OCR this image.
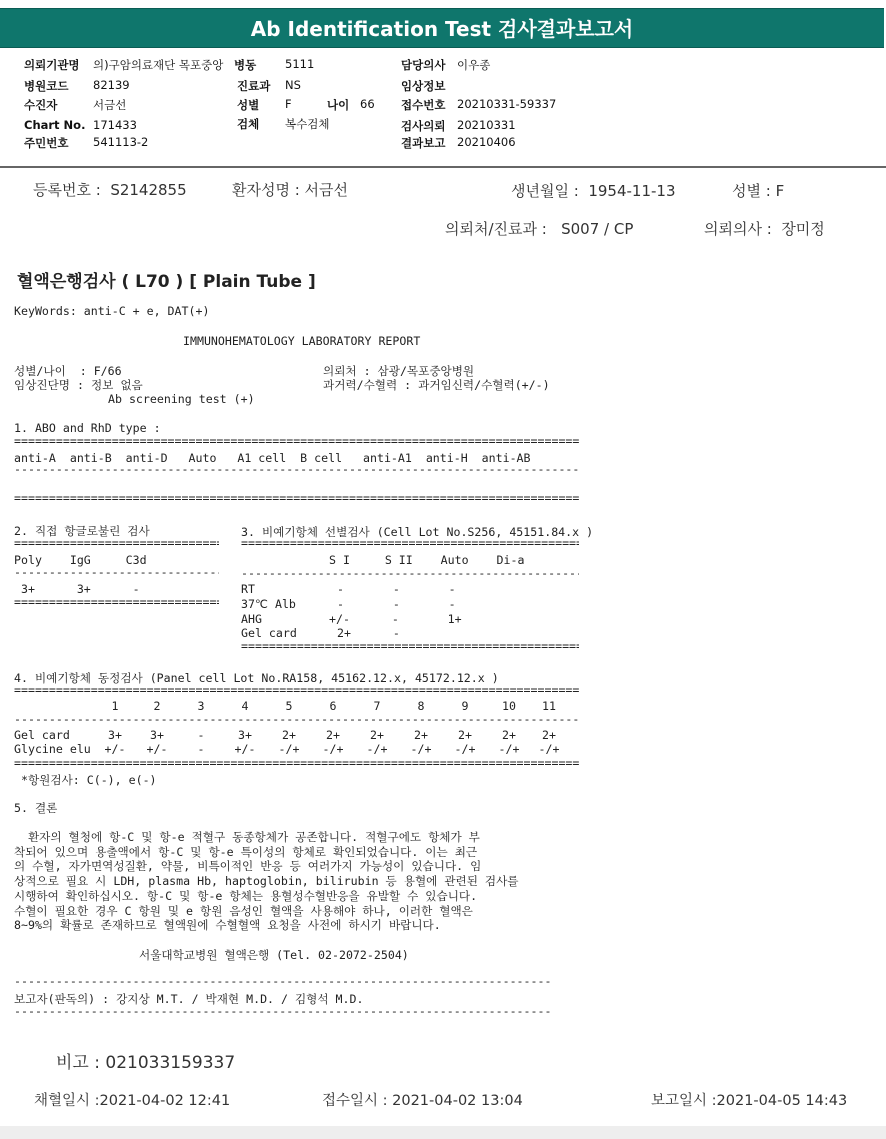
Ab Identification Test 검사결과보고서
의뢰기관명 의)구암의료재단 목포중앙 병동	5111	담당의사 이우종
병원코드 82139	진료과 NS	임상정보
수진자	서금선	성별 F	나이 66 접수번호 20210331-59337
Chart No. 171433	검체 복수검체	검사의뢰 20210331
주민번호 541113-2	결과보고 20210406
등록번호 :  S2142855	환자성명 : 서금선	생년월일 :  1954-11-13	성별 : F
의뢰처/진료과 :   S007 / CP	의뢰의사 :  장미정
혈액은행검사 ( L70 ) [ Plain Tube ]
KeyWords: anti-C + e, DAT(+)
IMMUNOHEMATOLOGY LABORATORY REPORT
성별/나이  : F/66
임상진단명 : 정보 없음
Ab screening test (+)
의뢰처 : 삼광/목포중앙병원
과거력/수혈력 : 과거임신력/수혈력(+/-)
1. ABO and RhD type :
=====
anti-A  anti-B  anti-D   Auto   A1 cell  B cell   anti-A1  anti-H  anti-AB
-----
=====
2. 직접 항글로불린 검사
=====
Poly    IgG     C3d
-----
3+      3+      -
=====
3. 비예기항체 선별검사 (Cell Lot No.S256, 45151.84.x )
=====
S I     S II    Auto    Di-a
-----
RT	-       -       -
37℃ Alb	-       -       -
AHG	+/-      -       1+
Gel card	2+      -
=====
4. 비예기항체 동정검사 (Panel cell Lot No.RA158, 45162.12.x, 45172.12.x )
=====
1	2	3	4	5	6	7	8	9	10	11
-----
Gel card	3+	3+	-	3+	2+	2+	2+	2+	2+	2+	2+
Glycine elu	+/-	+/-	-	+/-	-/+	-/+	-/+	-/+	-/+	-/+	-/+
=====
*항원검사: C(-), e(-)
5. 결론
환자의 혈청에 항-C 및 항-e 적혈구 동종항체가 공존합니다. 적혈구에도 항체가 부
착되어 있으며 용출액에서 항-C 및 항-e 특이성의 항체로 확인되었습니다. 이는 최근
의 수혈, 자가면역성질환, 약물, 비특이적인 반응 등 여러가지 가능성이 있습니다. 임
상적으로 필요 시 LDH, plasma Hb, haptoglobin, bilirubin 등 용혈에 관련된 검사를
시행하여 확인하십시오. 항-C 및 항-e 항체는 용혈성수혈반응을 유발할 수 있습니다.
수혈이 필요한 경우 C 항원 및 e 항원 음성인 혈액을 사용해야 하나, 이러한 혈액은
8~9%의 확률로 존재하므로 혈액원에 수혈혈액 요청을 사전에 하시기 바랍니다.
서울대학교병원 혈액은행 (Tel. 02-2072-2504)
-----
보고자(판독의) : 강지상 M.T. / 박재현 M.D. / 김형석 M.D.
-----
비고 : 021033159337
채혈일시 :2021-04-02 12:41	접수일시 : 2021-04-02 13:04	보고일시 :2021-04-05 14:43
